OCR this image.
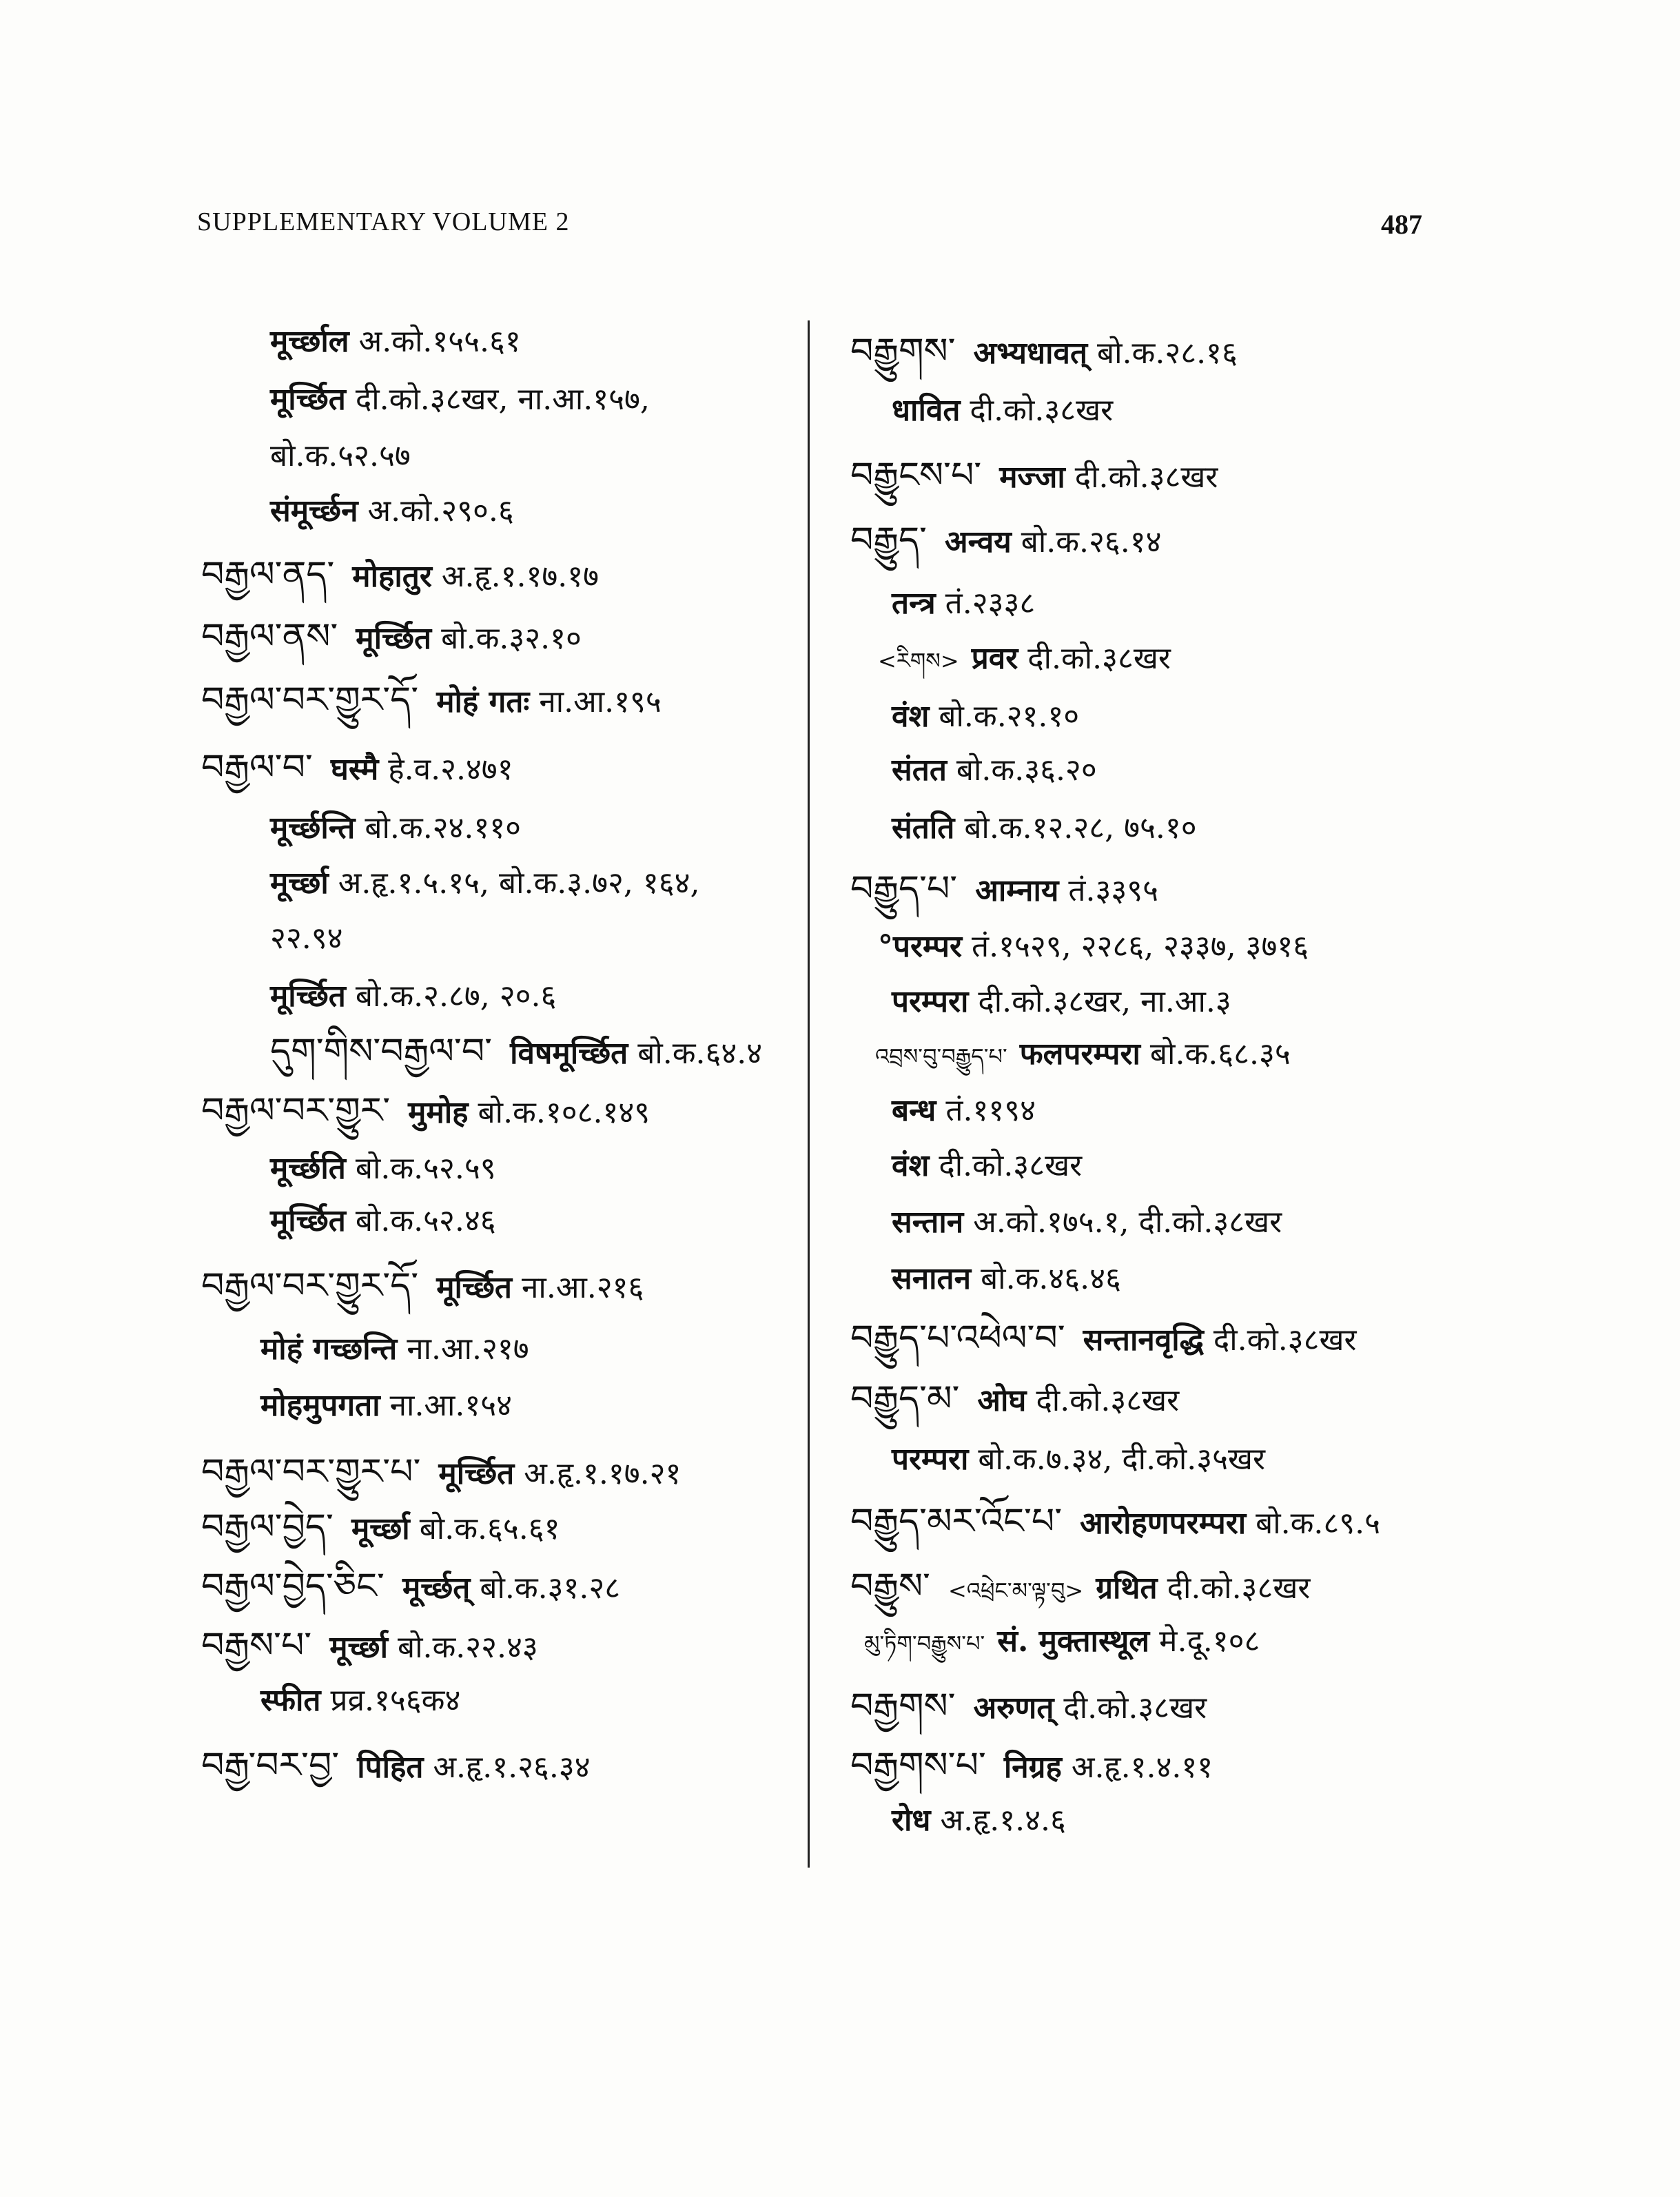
SUPPLEMENTARY VOLUME 2	487
मूर्च्छाल अ.को.१५५.६१
मूर्च्छित दी.को.३८खर, ना.आ.१५७,
बो.क.५२.५७
संमूर्च्छन अ.को.२९०.६
བརྒྱལ་ནད་ मोहातुर अ.हृ.१.१७.१७
བརྒྱལ་ནས་ मूर्च्छित बो.क.३२.१०
བརྒྱལ་བར་གྱུར་དོ་ मोहं गतः ना.आ.१९५
བརྒྱལ་བ་ घस्मै हे.व.२.४७१
मूर्च्छन्ति बो.क.२४.११०
मूर्च्छा अ.हृ.१.५.१५, बो.क.३.७२, १६४,
२२.९४
मूर्च्छित बो.क.२.८७, २०.६
དུག་གིས་བརྒྱལ་བ་ विषमूर्च्छित बो.क.६४.४
བརྒྱལ་བར་གྱུར་ मुमोह बो.क.१०८.१४९
मूर्च्छति बो.क.५२.५९
मूर्च्छित बो.क.५२.४६
བརྒྱལ་བར་གྱུར་དོ་ मूर्च्छित ना.आ.२१६
मोहं गच्छन्ति ना.आ.२१७
मोहमुपगता ना.आ.१५४
བརྒྱལ་བར་གྱུར་པ་ मूर्च्छित अ.हृ.१.१७.२१
བརྒྱལ་བྱེད་ मूर्च्छा बो.क.६५.६१
བརྒྱལ་བྱེད་ཅིང་ मूर्च्छत् बो.क.३१.२८
བརྒྱས་པ་ मूर्च्छा बो.क.२२.४३
स्फीत प्रव्र.१५६क४
བརྒྱ་བར་བྱ་ पिहित अ.हृ.१.२६.३४
བརྒྱུགས་ अभ्यधावत् बो.क.२८.१६
धावित दी.को.३८खर
བརྒྱུངས་པ་ मज्जा दी.को.३८खर
བརྒྱུད་ अन्वय बो.क.२६.१४
तन्त्र तं.२३३८
<རིགས> प्रवर दी.को.३८खर
वंश बो.क.२१.१०
संतत बो.क.३६.२०
संतति बो.क.१२.२८, ७५.१०
བརྒྱུད་པ་ आम्नाय तं.३३९५
°परम्पर तं.१५२९, २२८६, २३३७, ३७१६
परम्परा दी.को.३८खर, ना.आ.३
འབྲས་བུ་བརྒྱུད་པ་ फलपरम्परा बो.क.६८.३५
बन्ध तं.११९४
वंश दी.को.३८खर
सन्तान अ.को.१७५.१, दी.को.३८खर
सनातन बो.क.४६.४६
བརྒྱུད་པ་འཕེལ་བ་ सन्तानवृद्धि दी.को.३८खर
བརྒྱུད་མ་ ओघ दी.को.३८खर
परम्परा बो.क.७.३४, दी.को.३५खर
བརྒྱུད་མར་འོང་པ་ आरोहणपरम्परा बो.क.८९.५
བརྒྱུས་ <འཕྲེང་མ་ལྟ་བུ> ग्रथित दी.को.३८खर
མུ་ཏིག་བརྒྱུས་པ་ सं. मुक्तास्थूल मे.दू.१०८
བརྒྱགས་ अरुणत् दी.को.३८खर
བརྒྱགས་པ་ निग्रह अ.हृ.१.४.११
रोध अ.हृ.१.४.६
